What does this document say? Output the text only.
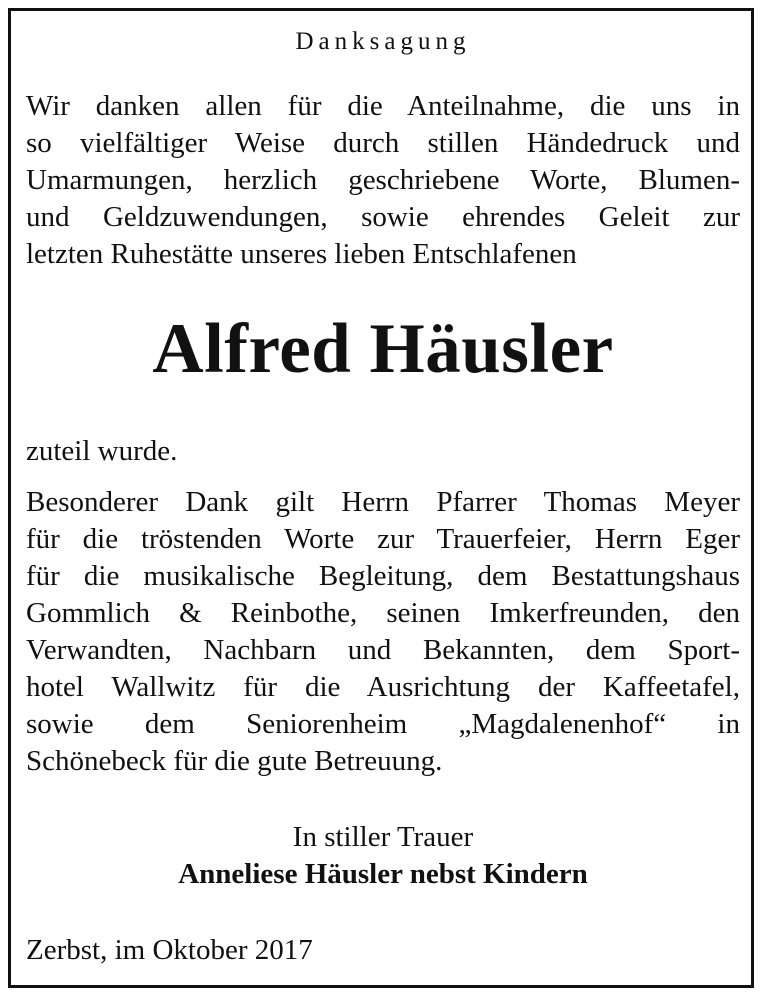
Danksagung

Wir danken allen für die Anteilnahme, die uns in
so vielfältiger Weise durch stillen Händedruck und
Umarmungen, herzlich geschriebene Worte, Blumen-
und Geldzuwendungen, sowie ehrendes Geleit zur
letzten Ruhestätte unseres lieben Entschlafenen

Alfred Häusler

zuteil wurde.

Besonderer Dank gilt Herrn Pfarrer Thomas Meyer
für die tröstenden Worte zur Trauerfeier, Herrn Eger
für die musikalische Begleitung, dem Bestattungshaus
Gommlich & Reinbothe, seinen Imkerfreunden, den
Verwandten, Nachbarn und Bekannten, dem Sport-
hotel Wallwitz für die Ausrichtung der Kaffeetafel,
sowie dem Seniorenheim „Magdalenenhof“ in
Schönebeck für die gute Betreuung.

In stiller Trauer

Anneliese Häusler nebst Kindern

Zerbst, im Oktober 2017
